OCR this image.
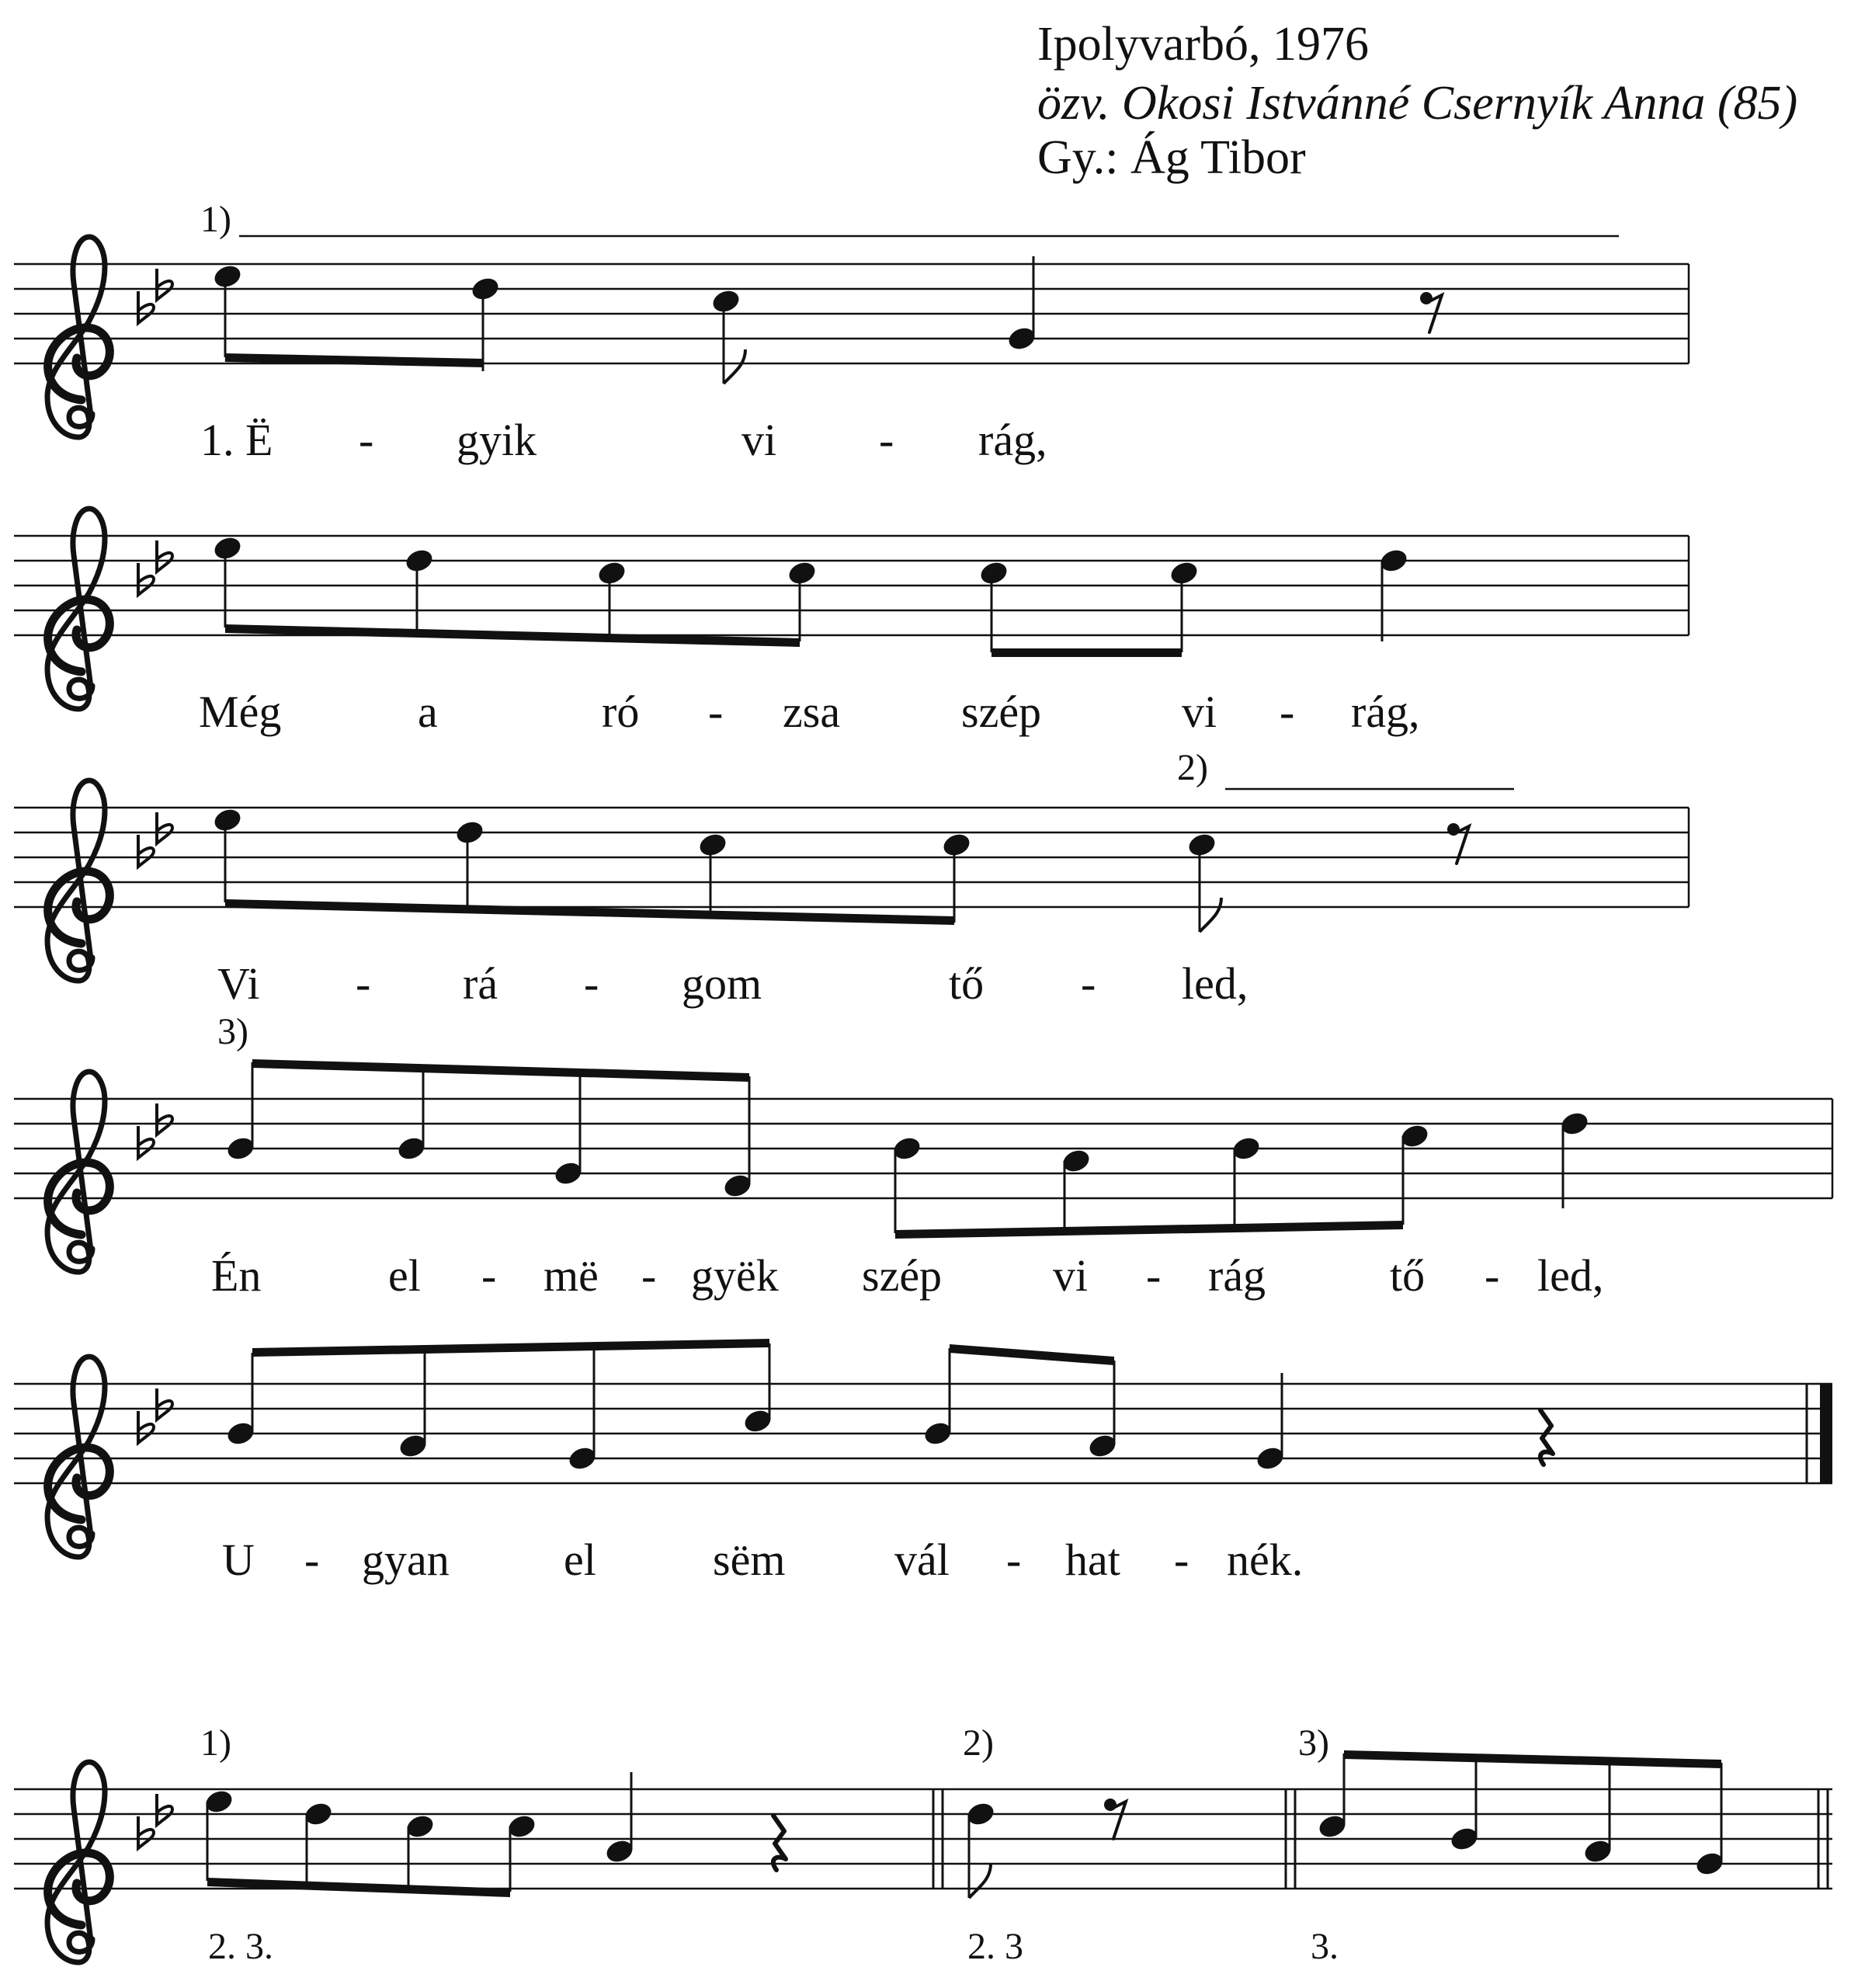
Ipolyvarbó, 1976
özv. Okosi Istvánné Csernyík Anna (85)
Gy.: Ág Tibor
1)
1. Ë - gyik	vi - rág,
Még	a	ró - zsa	szép	vi - rág,
2)
Vi - rá - gom	tő - led,
3)
Én	el - më - gyëk szép vi - rág	tő - led,
U - gyan	el	sëm vál - hat - nék.
1)	2)	3)
2. 3.	2. 3	3.
